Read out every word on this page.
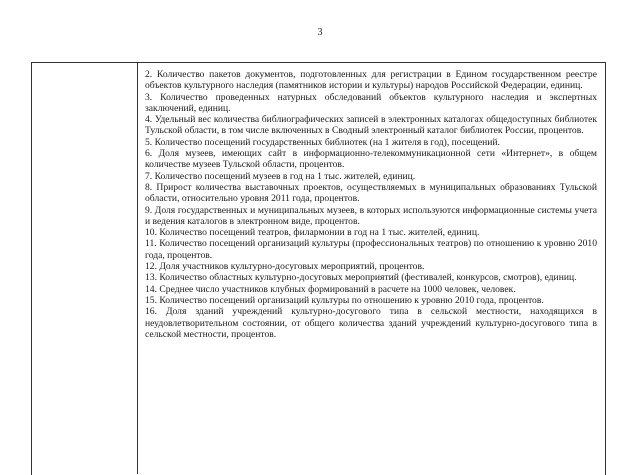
3

2. Количество пакетов документов, подготовленных для регистрации в Едином государственном реестре объектов культурного наследия (памятников истории и культуры) народов Российской Федерации, единиц.

3. Количество проведенных натурных обследований объектов культурного наследия и экспертных заключений, единиц.

4. Удельный вес количества библиографических записей в электронных каталогах общедоступных библиотек Тульской области, в том числе включенных в Сводный электронный каталог библиотек России, процентов.

5. Количество посещений государственных библиотек (на 1 жителя в год), посещений.

6. Доля музеев, имеющих сайт в информационно-телекоммуникационной сети «Интернет», в общем количестве музеев Тульской области, процентов.

7. Количество посещений музеев в год на 1 тыс. жителей, единиц.

8. Прирост количества выставочных проектов, осуществляемых в муниципальных образованиях Тульской области, относительно уровня 2011 года, процентов.

9. Доля государственных и муниципальных музеев, в которых используются информационные системы учета и ведения каталогов в электронном виде, процентов.

10. Количество посещений театров, филармонии в год на 1 тыс. жителей, единиц.

11. Количество посещений организаций культуры (профессиональных театров) по отношению к уровню 2010 года, процентов.

12. Доля участников культурно-досуговых мероприятий, процентов.

13. Количество областных культурно-досуговых мероприятий (фестивалей, конкурсов, смотров), единиц.

14. Среднее число участников клубных формирований в расчете на 1000 человек, человек.

15. Количество посещений организаций культуры по отношению к уровню 2010 года, процентов.

16. Доля зданий учреждений культурно-досугового типа в сельской местности, находящихся в неудовлетворительном состоянии, от общего количества зданий учреждений культурно-досугового типа в сельской местности, процентов.
